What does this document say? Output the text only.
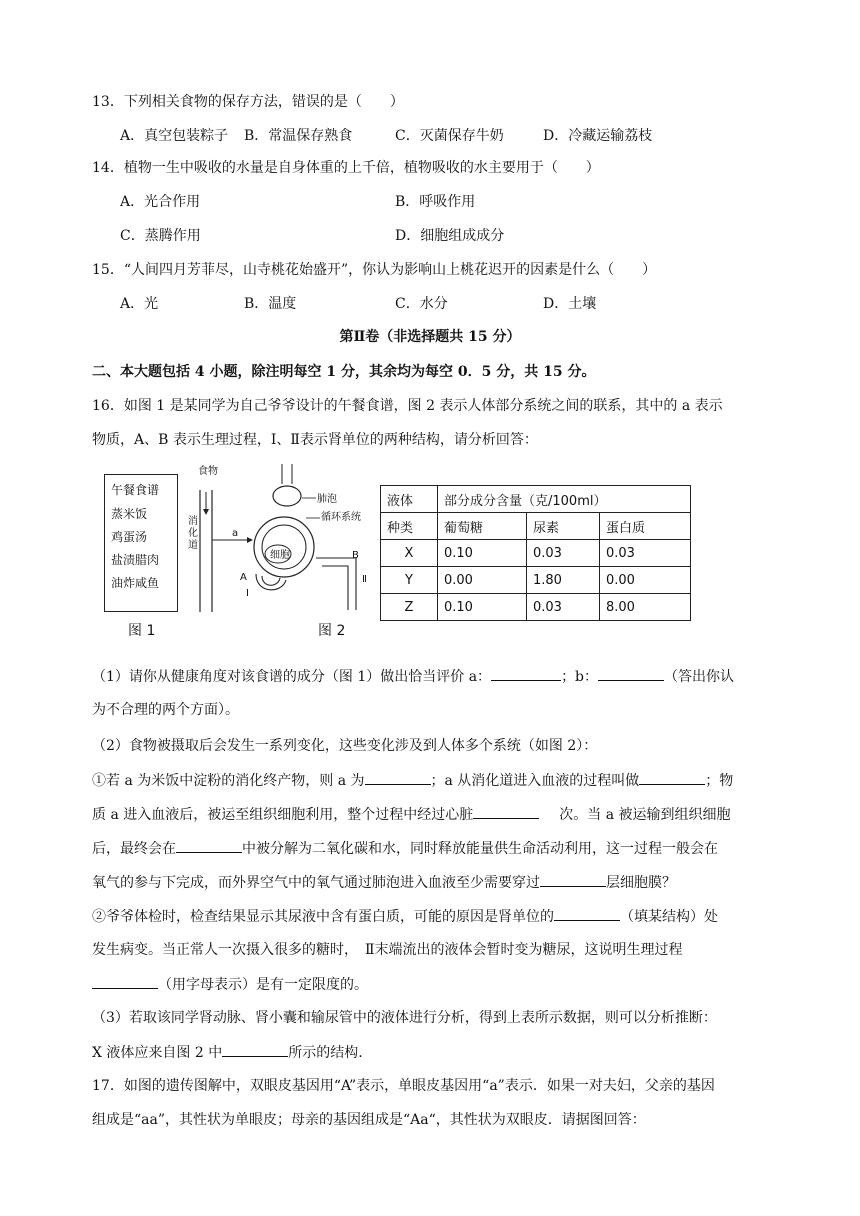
13．下列相关食物的保存方法，错误的是（　　）
A．真空包装粽子 B．常温保存熟食	C．灭菌保存牛奶	D．冷藏运输荔枝
14．植物一生中吸收的水量是自身体重的上千倍，植物吸收的水主要用于（　　）
A．光合作用	B．呼吸作用
C．蒸腾作用	D．细胞组成成分
15．“人间四月芳菲尽，山寺桃花始盛开”，你认为影响山上桃花迟开的因素是什么（　　）
A．光	B．温度	C．水分	D．土壤
第Ⅱ卷（非选择题共 15 分）
二、本大题包括 4 小题，除注明每空 1 分，其余均为每空 0．5 分，共 15 分。
16．如图 1 是某同学为自己爷爷设计的午餐食谱，图 2 表示人体部分系统之间的联系，其中的 a 表示
物质，A、B 表示生理过程，Ⅰ、Ⅱ表示肾单位的两种结构，请分析回答：
午餐食谱
蒸米饭
鸡蛋汤
盐渍腊肉
油炸咸鱼
图 1
食物
消
化
道
肺泡
循环系统
细胞
a
B
Ⅱ
A
Ⅰ
图 2
液体	部分成分含量（克/100ml）		
种类	葡萄糖	尿素	蛋白质
X	0.10	0.03	0.03
Y	0.00	1.80	0.00
Z	0.10	0.03	8.00
（1）请你从健康角度对该食谱的成分（图 1）做出恰当评价 a：	；b：	（答出你认
为不合理的两个方面）。
（2）食物被摄取后会发生一系列变化，这些变化涉及到人体多个系统（如图 2）：
①若 a 为米饭中淀粉的消化终产物，则 a 为	；a 从消化道进入血液的过程叫做	；物
质 a 进入血液后，被运至组织细胞利用，整个过程中经过心脏	次。当 a 被运输到组织细胞
后，最终会在	中被分解为二氧化碳和水，同时释放能量供生命活动利用，这一过程一般会在
氧气的参与下完成，而外界空气中的氧气通过肺泡进入血液至少需要穿过	层细胞膜？
②爷爷体检时，检查结果显示其尿液中含有蛋白质，可能的原因是肾单位的	（填某结构）处
发生病变。当正常人一次摄入很多的糖时，　Ⅱ末端流出的液体会暂时变为糖尿，这说明生理过程
（用字母表示）是有一定限度的。
（3）若取该同学肾动脉、肾小囊和输尿管中的液体进行分析，得到上表所示数据，则可以分析推断：
X 液体应来自图 2 中	所示的结构.
17．如图的遗传图解中，双眼皮基因用“A”表示，单眼皮基因用“a”表示．如果一对夫妇，父亲的基因
组成是“aa”，其性状为单眼皮；母亲的基因组成是“Aa“，其性状为双眼皮．请据图回答：
